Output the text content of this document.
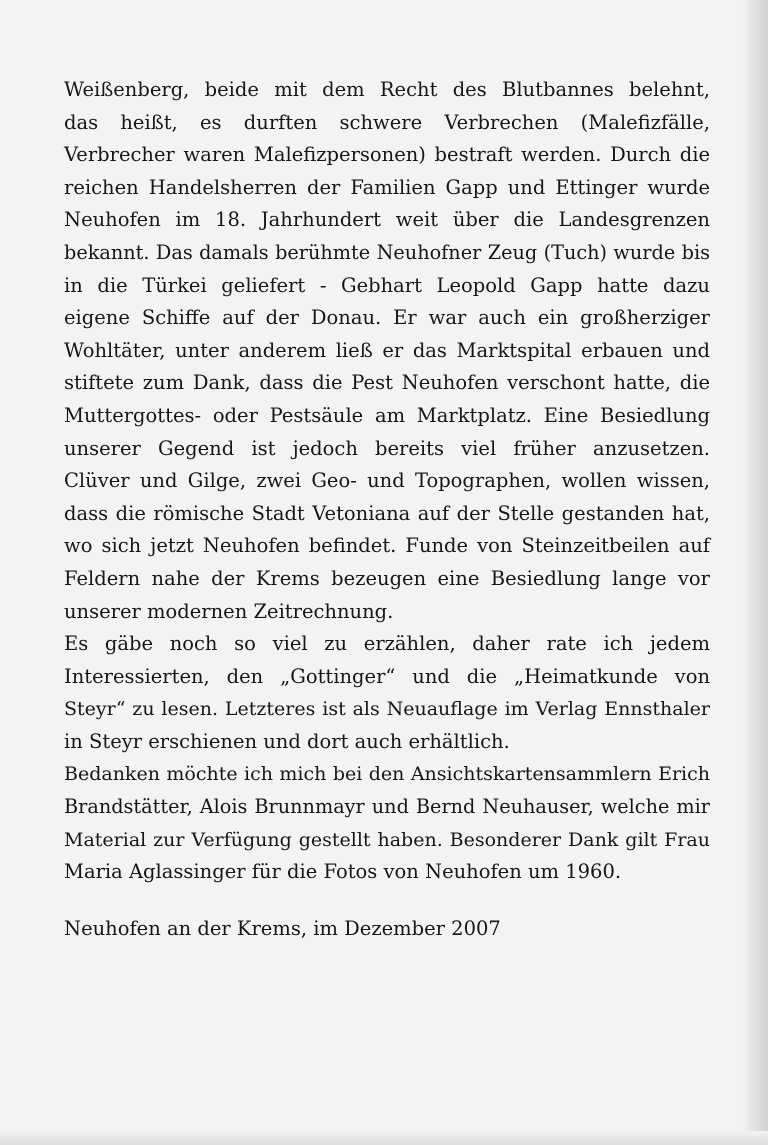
Weißenberg, beide mit dem Recht des Blutbannes belehnt,
das heißt, es durften schwere Verbrechen (Malefizfälle,
Verbrecher waren Malefizpersonen) bestraft werden. Durch die
reichen Handelsherren der Familien Gapp und Ettinger wurde
Neuhofen im 18. Jahrhundert weit über die Landesgrenzen
bekannt. Das damals berühmte Neuhofner Zeug (Tuch) wurde bis
in die Türkei geliefert - Gebhart Leopold Gapp hatte dazu
eigene Schiffe auf der Donau. Er war auch ein großherziger
Wohltäter, unter anderem ließ er das Marktspital erbauen und
stiftete zum Dank, dass die Pest Neuhofen verschont hatte, die
Muttergottes- oder Pestsäule am Marktplatz. Eine Besiedlung
unserer Gegend ist jedoch bereits viel früher anzusetzen.
Clüver und Gilge, zwei Geo- und Topographen, wollen wissen,
dass die römische Stadt Vetoniana auf der Stelle gestanden hat,
wo sich jetzt Neuhofen befindet. Funde von Steinzeitbeilen auf
Feldern nahe der Krems bezeugen eine Besiedlung lange vor
unserer modernen Zeitrechnung.
Es gäbe noch so viel zu erzählen, daher rate ich jedem
Interessierten, den „Gottinger“ und die „Heimatkunde von
Steyr“ zu lesen. Letzteres ist als Neuauflage im Verlag Ennsthaler
in Steyr erschienen und dort auch erhältlich.
Bedanken möchte ich mich bei den Ansichtskartensammlern Erich
Brandstätter, Alois Brunnmayr und Bernd Neuhauser, welche mir
Material zur Verfügung gestellt haben. Besonderer Dank gilt Frau
Maria Aglassinger für die Fotos von Neuhofen um 1960.
Neuhofen an der Krems, im Dezember 2007
